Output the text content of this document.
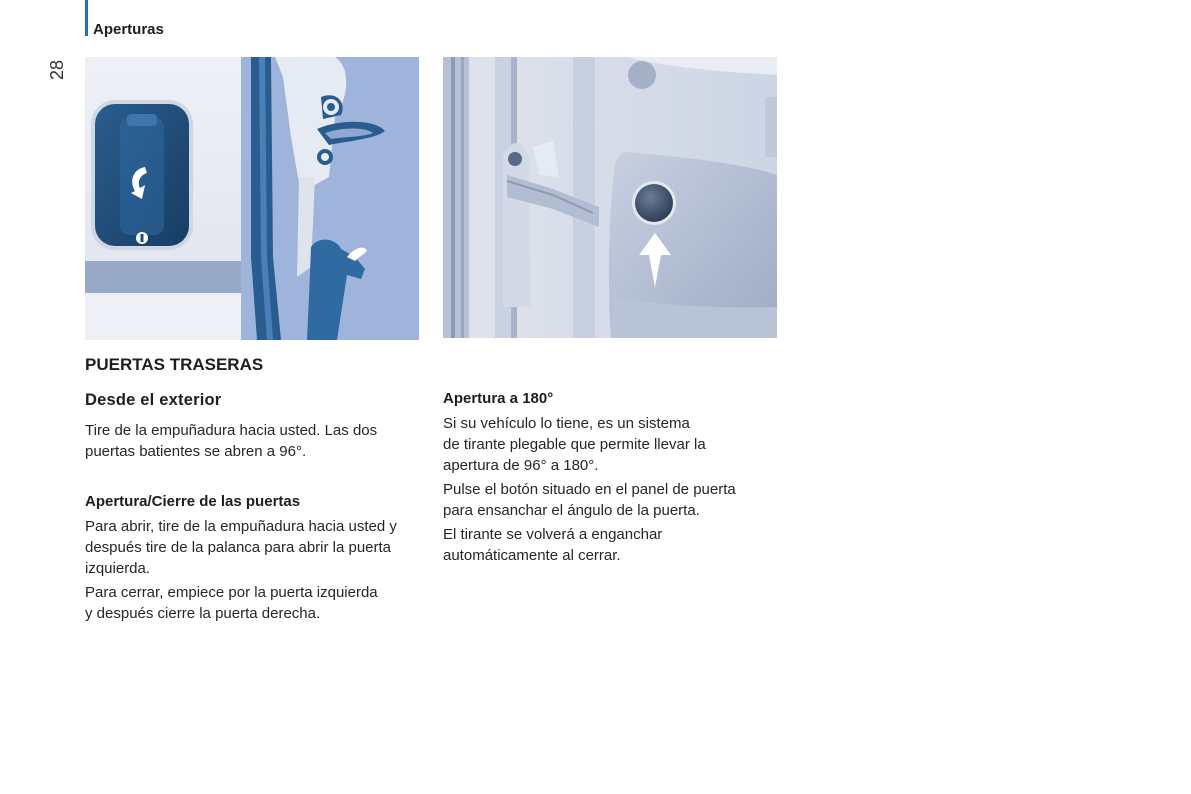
Aperturas
28
PUERTAS TRASERAS
Desde el exterior
Tire de la empuñadura hacia usted. Las dos
puertas batientes se abren a 96°.
Apertura/Cierre de las puertas
Para abrir, tire de la empuñadura hacia usted y
después tire de la palanca para abrir la puerta
izquierda.
Para cerrar, empiece por la puerta izquierda
y después cierre la puerta derecha.
Apertura a 180°
Si su vehículo lo tiene, es un sistema
de tirante plegable que permite llevar la
apertura de 96° a 180°.
Pulse el botón situado en el panel de puerta
para ensanchar el ángulo de la puerta.
El tirante se volverá a enganchar
automáticamente al cerrar.
